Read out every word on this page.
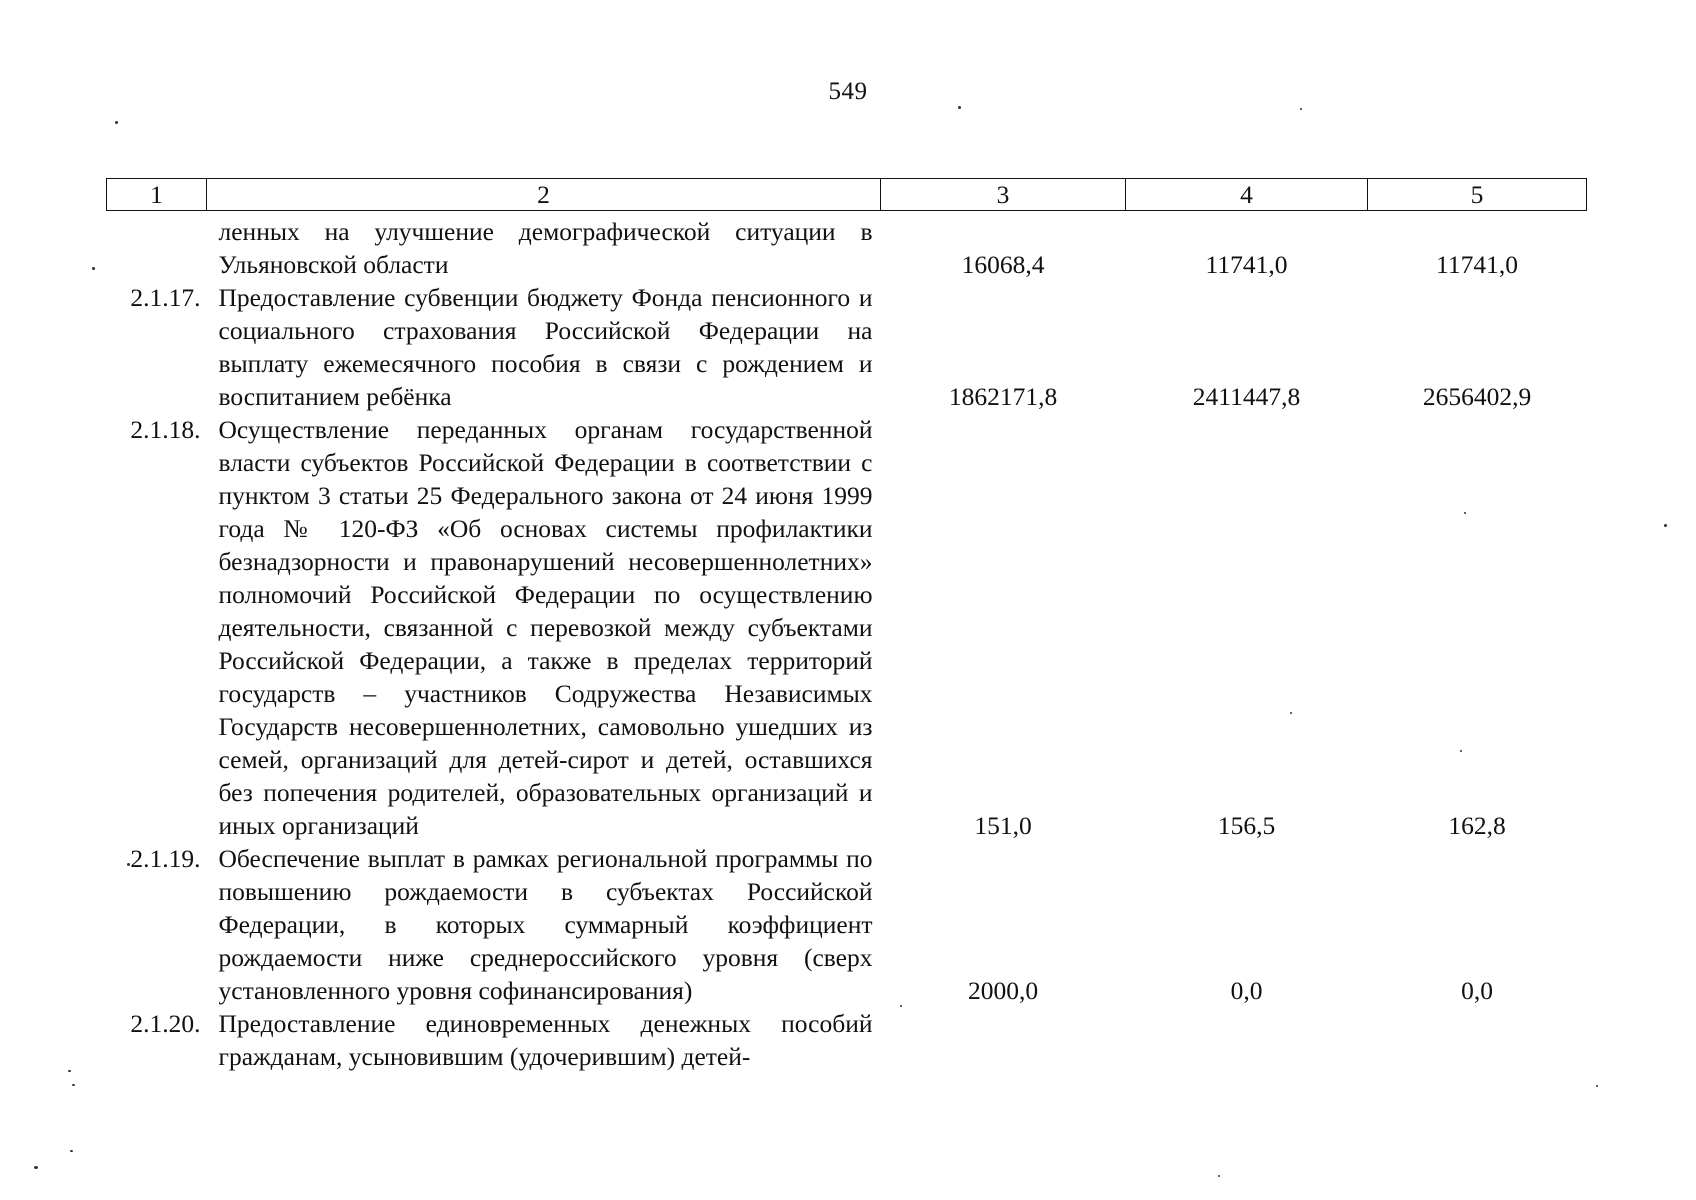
549
1	2	3	4	5
	ленных на улучшение демографической ситуации в Ульяновской области	16068,4	11741,0	11741,0
2.1.17.	Предоставление субвенции бюджету Фонда пенсионного и социального страхования Российской Федерации на выплату ежемесячного пособия в связи с рождением и воспитанием ребёнка	1862171,8	2411447,8	2656402,9
2.1.18.	Осуществление переданных органам государственной власти субъектов Российской Федерации в соответствии с пунктом 3 статьи 25 Федерального закона от 24 июня 1999 года № 120-ФЗ «Об основах системы профилактики безнадзорности и правонарушений несовершеннолетних» полномочий Российской Федерации по осуществлению деятельности, связанной с перевозкой между субъектами Российской Федерации, а также в пределах территорий государств – участников Содружества Независимых Государств несовершеннолетних, самовольно ушедших из семей, организаций для детей-сирот и детей, оставшихся без попечения родителей, образовательных организаций и иных организаций	151,0	156,5	162,8
2.1.19.	Обеспечение выплат в рамках региональной программы по повышению рождаемости в субъектах Российской Федерации, в которых суммарный коэффициент рождаемости ниже среднероссийского уровня (сверх установленного уровня софинансирования)	2000,0	0,0	0,0
2.1.20.	Предоставление единовременных денежных пособий гражданам, усыновившим (удочерившим) детей-			
